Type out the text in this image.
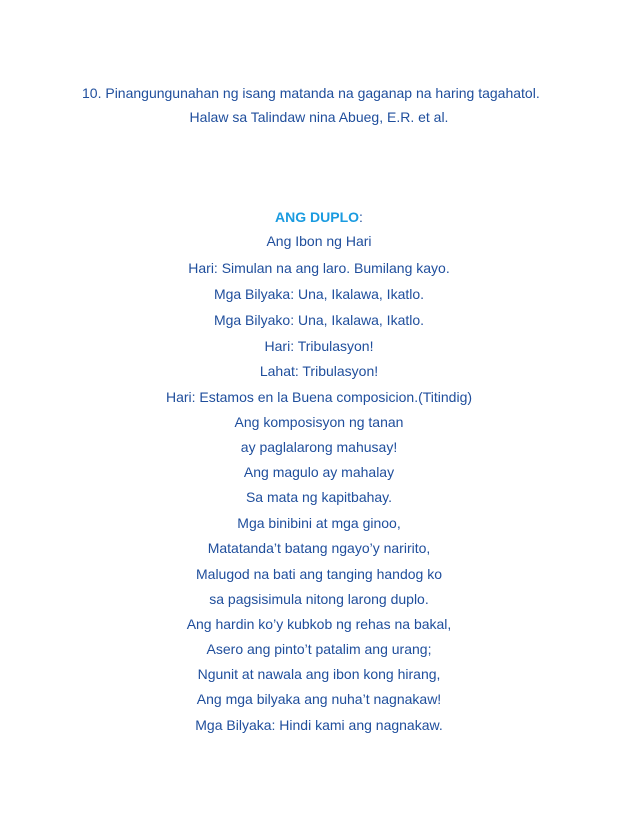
10. Pinangungunahan ng isang matanda na gaganap na haring tagahatol.
Halaw sa Talindaw nina Abueg, E.R. et al.
ANG DUPLO:
Ang Ibon ng Hari
Hari: Simulan na ang laro. Bumilang kayo.
Mga Bilyaka: Una, Ikalawa, Ikatlo.
Mga Bilyako: Una, Ikalawa, Ikatlo.
Hari: Tribulasyon!
Lahat: Tribulasyon!
Hari: Estamos en la Buena composicion.(Titindig)
Ang komposisyon ng tanan
ay paglalarong mahusay!
Ang magulo ay mahalay
Sa mata ng kapitbahay.
Mga binibini at mga ginoo,
Matatanda’t batang ngayo’y naririto,
Malugod na bati ang tanging handog ko
sa pagsisimula nitong larong duplo.
Ang hardin ko’y kubkob ng rehas na bakal,
Asero ang pinto’t patalim ang urang;
Ngunit at nawala ang ibon kong hirang,
Ang mga bilyaka ang nuha’t nagnakaw!
Mga Bilyaka: Hindi kami ang nagnakaw.
